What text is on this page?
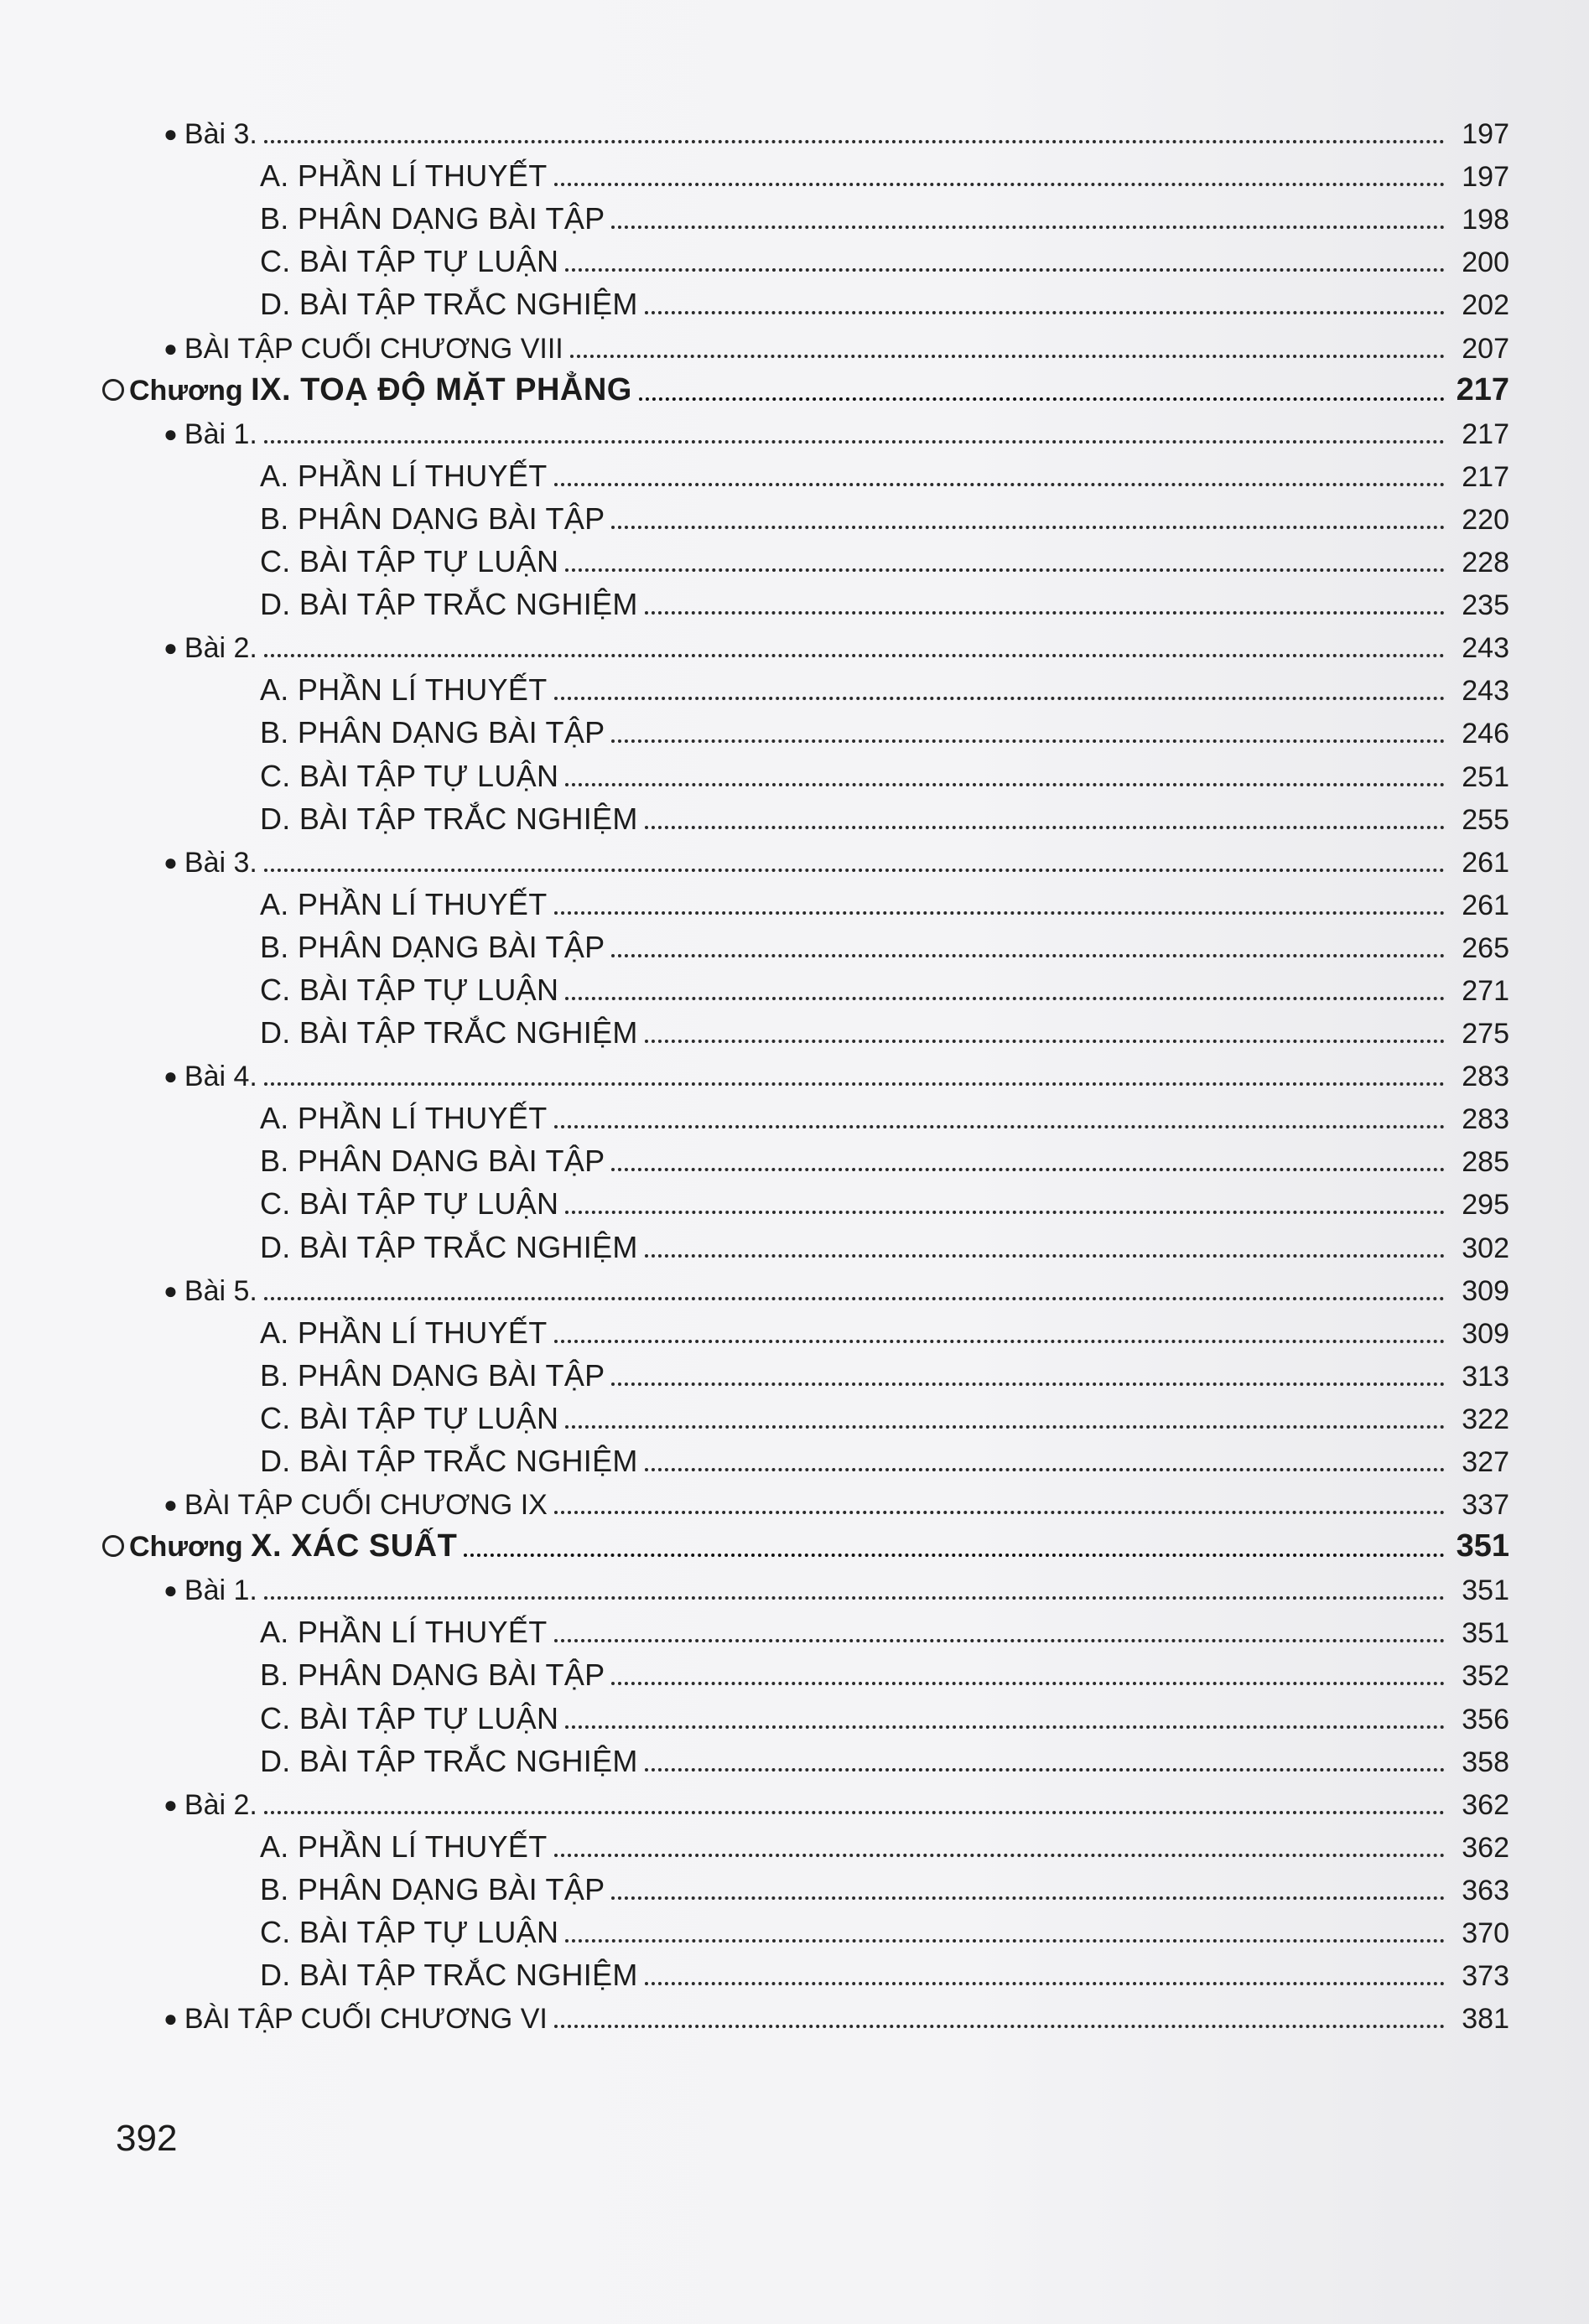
● Bài 3.	197
A. PHẦN LÍ THUYẾT	197
B. PHÂN DẠNG BÀI TẬP	198
C. BÀI TẬP TỰ LUẬN	200
D. BÀI TẬP TRẮC NGHIỆM	202
● BÀI TẬP CUỐI CHƯƠNG VIII	207
Chương IX. TOẠ ĐỘ MẶT PHẲNG	217
● Bài 1.	217
A. PHẦN LÍ THUYẾT	217
B. PHÂN DẠNG BÀI TẬP	220
C. BÀI TẬP TỰ LUẬN	228
D. BÀI TẬP TRẮC NGHIỆM	235
● Bài 2.	243
A. PHẦN LÍ THUYẾT	243
B. PHÂN DẠNG BÀI TẬP	246
C. BÀI TẬP TỰ LUẬN	251
D. BÀI TẬP TRẮC NGHIỆM	255
● Bài 3.	261
A. PHẦN LÍ THUYẾT	261
B. PHÂN DẠNG BÀI TẬP	265
C. BÀI TẬP TỰ LUẬN	271
D. BÀI TẬP TRẮC NGHIỆM	275
● Bài 4.	283
A. PHẦN LÍ THUYẾT	283
B. PHÂN DẠNG BÀI TẬP	285
C. BÀI TẬP TỰ LUẬN	295
D. BÀI TẬP TRẮC NGHIỆM	302
● Bài 5.	309
A. PHẦN LÍ THUYẾT	309
B. PHÂN DẠNG BÀI TẬP	313
C. BÀI TẬP TỰ LUẬN	322
D. BÀI TẬP TRẮC NGHIỆM	327
● BÀI TẬP CUỐI CHƯƠNG IX	337
Chương X. XÁC SUẤT	351
● Bài 1.	351
A. PHẦN LÍ THUYẾT	351
B. PHÂN DẠNG BÀI TẬP	352
C. BÀI TẬP TỰ LUẬN	356
D. BÀI TẬP TRẮC NGHIỆM	358
● Bài 2.	362
A. PHẦN LÍ THUYẾT	362
B. PHÂN DẠNG BÀI TẬP	363
C. BÀI TẬP TỰ LUẬN	370
D. BÀI TẬP TRẮC NGHIỆM	373
● BÀI TẬP CUỐI CHƯƠNG VI	381
392
